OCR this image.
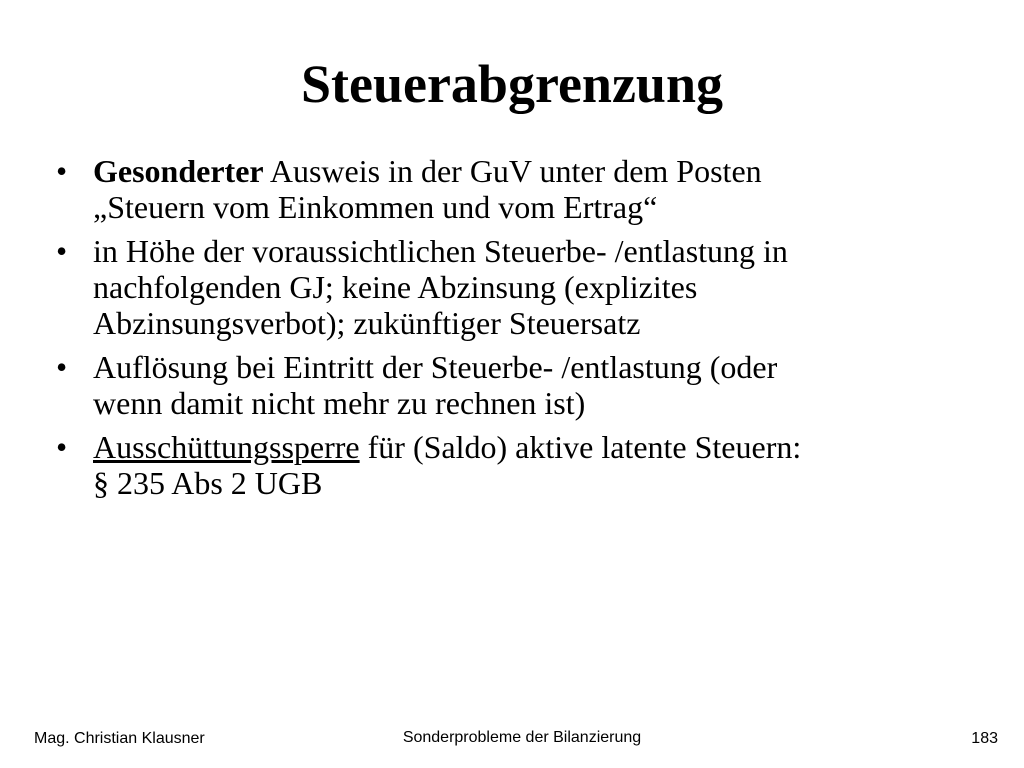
Steuerabgrenzung
• Gesonderter Ausweis in der GuV unter dem Posten
„Steuern vom Einkommen und vom Ertrag“
• in Höhe der voraussichtlichen Steuerbe- /entlastung in
nachfolgenden GJ; keine Abzinsung (explizites
Abzinsungsverbot); zukünftiger Steuersatz
• Auflösung bei Eintritt der Steuerbe- /entlastung (oder
wenn damit nicht mehr zu rechnen ist)
• Ausschüttungssperre für (Saldo) aktive latente Steuern:
§ 235 Abs 2 UGB
Mag. Christian Klausner	Sonderprobleme der Bilanzierung	183
